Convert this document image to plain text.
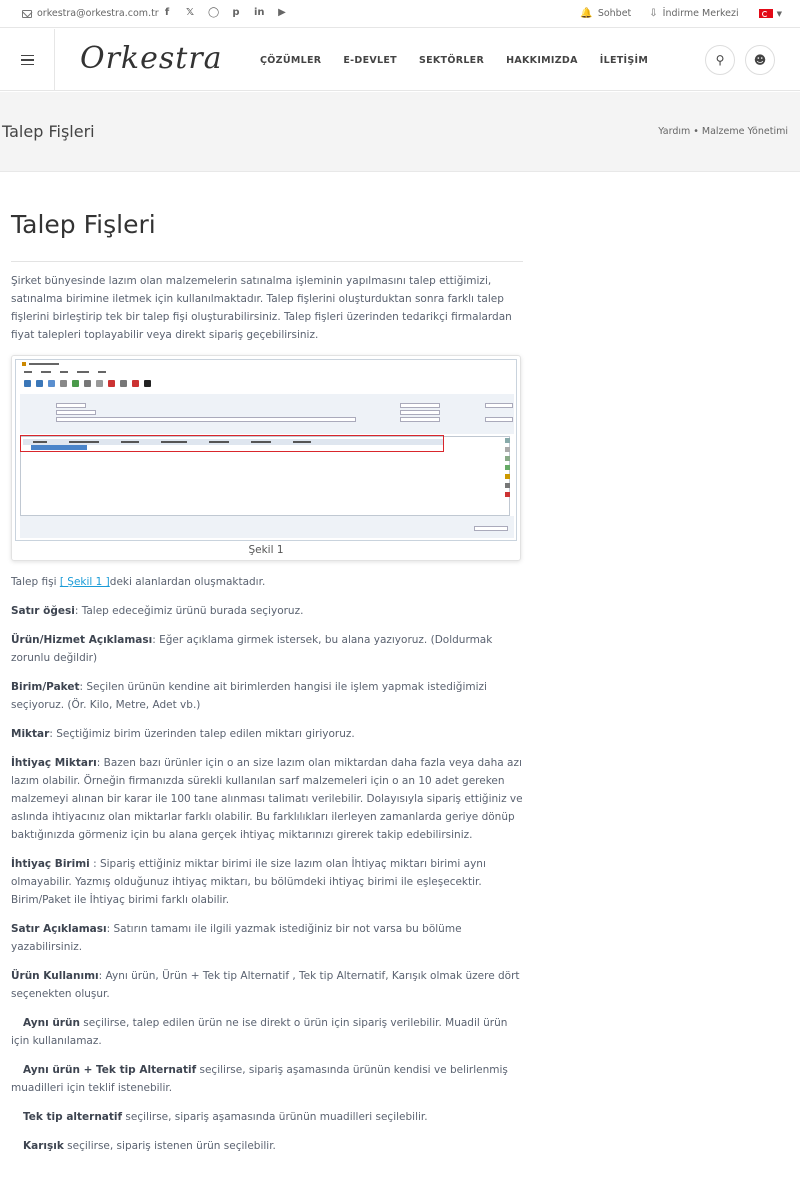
orkestra@orkestra.com.tr f 𝕏 ◯ p in ▶	🔔 Sohbet ⇩ İndirme Merkezi	▼
Orkestra	ÇÖZÜMLER E-DEVLET SEKTÖRLER HAKKIMIZDA İLETİŞİM	⚲ ☻
Talep Fişleri	Yardım • Malzeme Yönetimi
Talep Fişleri

Şirket bünyesinde lazım olan malzemelerin satınalma işleminin yapılmasını talep ettiğimizi, satınalma birimine iletmek için kullanılmaktadır. Talep fişlerini oluşturduktan sonra farklı talep fişlerini birleştirip tek bir talep fişi oluşturabilirsiniz. Talep fişleri üzerinden tedarikçi firmalardan fiyat talepleri toplayabilir veya direkt sipariş geçebilirsiniz.

Şekil 1

Talep fişi [ Şekil 1 ]deki alanlardan oluşmaktadır.

Satır öğesi: Talep edeceğimiz ürünü burada seçiyoruz.

Ürün/Hizmet Açıklaması: Eğer açıklama girmek istersek, bu alana yazıyoruz. (Doldurmak zorunlu değildir)

Birim/Paket: Seçilen ürünün kendine ait birimlerden hangisi ile işlem yapmak istediğimizi seçiyoruz. (Ör. Kilo, Metre, Adet vb.)

Miktar: Seçtiğimiz birim üzerinden talep edilen miktarı giriyoruz.

İhtiyaç Miktarı: Bazen bazı ürünler için o an size lazım olan miktardan daha fazla veya daha azı lazım olabilir. Örneğin firmanızda sürekli kullanılan sarf malzemeleri için o an 10 adet gereken malzemeyi alınan bir karar ile 100 tane alınması talimatı verilebilir. Dolayısıyla sipariş ettiğiniz ve aslında ihtiyacınız olan miktarlar farklı olabilir. Bu farklılıkları ilerleyen zamanlarda geriye dönüp baktığınızda görmeniz için bu alana gerçek ihtiyaç miktarınızı girerek takip edebilirsiniz.

İhtiyaç Birimi : Sipariş ettiğiniz miktar birimi ile size lazım olan İhtiyaç miktarı birimi aynı olmayabilir. Yazmış olduğunuz ihtiyaç miktarı, bu bölümdeki ihtiyaç birimi ile eşleşecektir. Birim/Paket ile İhtiyaç birimi farklı olabilir.

Satır Açıklaması: Satırın tamamı ile ilgili yazmak istediğiniz bir not varsa bu bölüme yazabilirsiniz.

Ürün Kullanımı: Aynı ürün, Ürün + Tek tip Alternatif , Tek tip Alternatif, Karışık olmak üzere dört seçenekten oluşur.

Aynı ürün seçilirse, talep edilen ürün ne ise direkt o ürün için sipariş verilebilir. Muadil ürün için kullanılamaz.

Aynı ürün + Tek tip Alternatif seçilirse, sipariş aşamasında ürünün kendisi ve belirlenmiş muadilleri için teklif istenebilir.

Tek tip alternatif seçilirse, sipariş aşamasında ürünün muadilleri seçilebilir.

Karışık seçilirse, sipariş istenen ürün seçilebilir.
